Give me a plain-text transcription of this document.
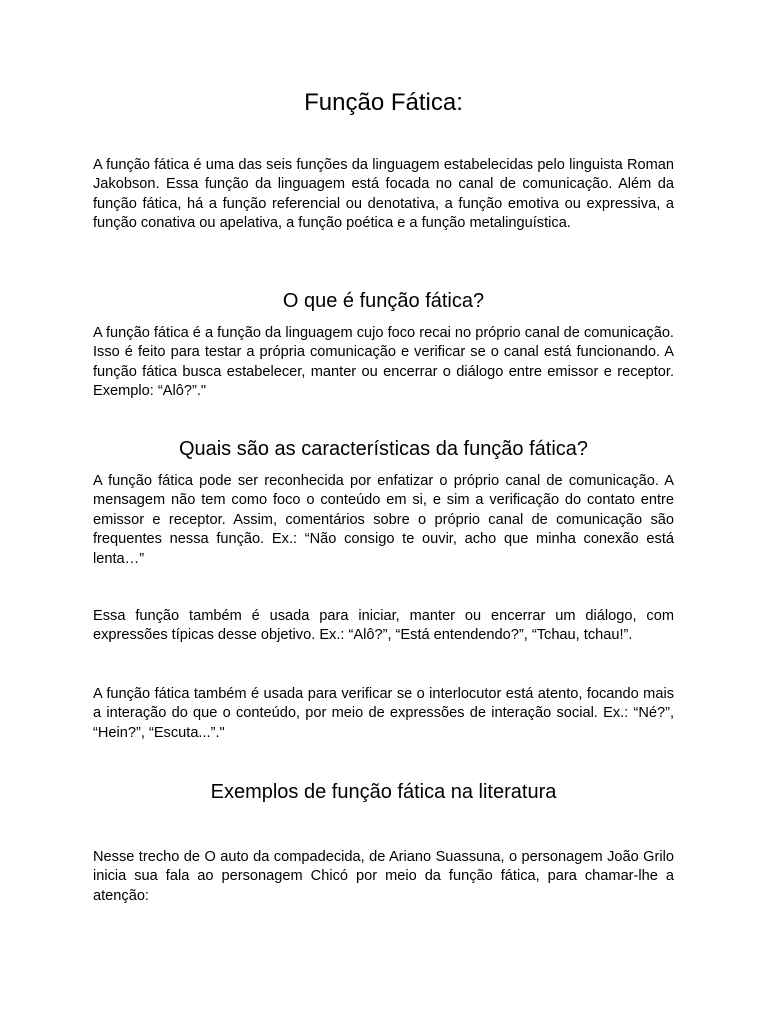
Função Fática:

A função fática é uma das seis funções da linguagem estabelecidas pelo linguista Roman Jakobson. Essa função da linguagem está focada no canal de comunicação. Além da função fática, há a função referencial ou denotativa, a função emotiva ou expressiva, a função conativa ou apelativa, a função poética e a função metalinguística.

O que é função fática?

A função fática é a função da linguagem cujo foco recai no próprio canal de comunicação. Isso é feito para testar a própria comunicação e verificar se o canal está funcionando. A função fática busca estabelecer, manter ou encerrar o diálogo entre emissor e receptor. Exemplo: “Alô?”."

Quais são as características da função fática?

A função fática pode ser reconhecida por enfatizar o próprio canal de comunicação. A mensagem não tem como foco o conteúdo em si, e sim a verificação do contato entre emissor e receptor. Assim, comentários sobre o próprio canal de comunicação são frequentes nessa função. Ex.: “Não consigo te ouvir, acho que minha conexão está lenta…”

Essa função também é usada para iniciar, manter ou encerrar um diálogo, com expressões típicas desse objetivo. Ex.: “Alô?”, “Está entendendo?”, “Tchau, tchau!”.

A função fática também é usada para verificar se o interlocutor está atento, focando mais a interação do que o conteúdo, por meio de expressões de interação social. Ex.: “Né?”, “Hein?”, “Escuta...”."

Exemplos de função fática na literatura

Nesse trecho de O auto da compadecida, de Ariano Suassuna, o personagem João Grilo inicia sua fala ao personagem Chicó por meio da função fática, para chamar-lhe a atenção:
